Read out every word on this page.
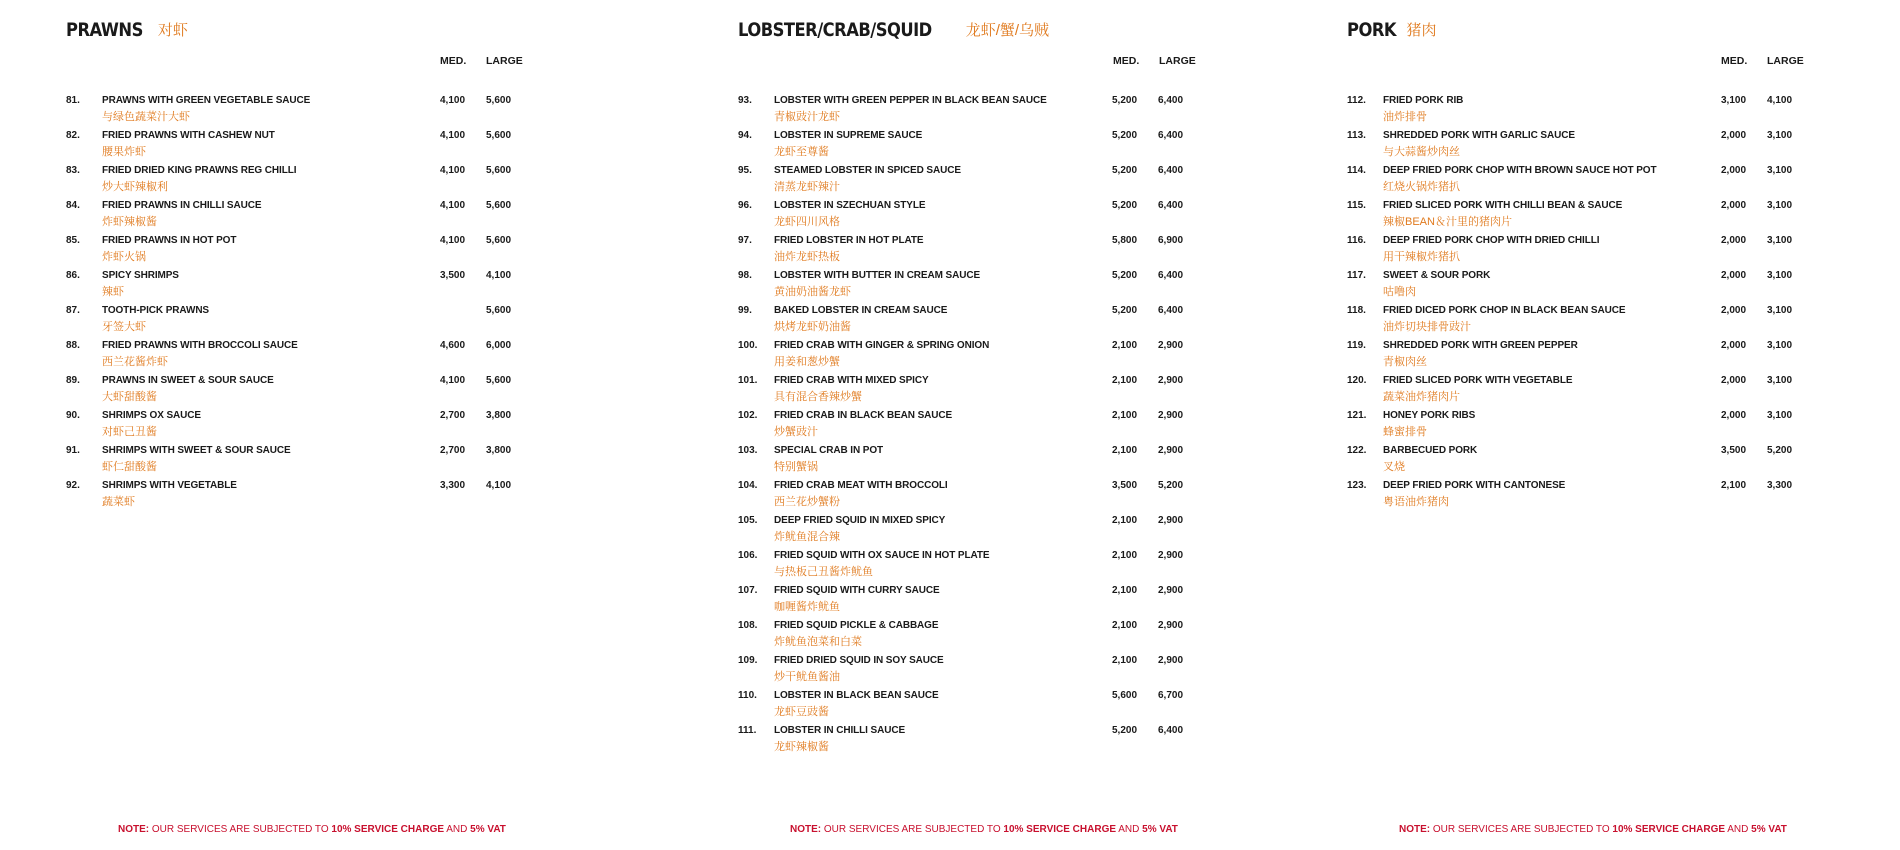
PRAWNS 对虾
MED. LARGE
81. PRAWNS WITH GREEN VEGETABLE SAUCE
与绿色蔬菜汁大虾
4,100 5,600
82. FRIED PRAWNS WITH CASHEW NUT
腰果炸虾
4,100 5,600
83. FRIED DRIED KING PRAWNS REG CHILLI
炒大虾辣椒利
4,100 5,600
84. FRIED PRAWNS IN CHILLI SAUCE
炸虾辣椒酱
4,100 5,600
85. FRIED PRAWNS IN HOT POT
炸虾火锅
4,100 5,600
86. SPICY SHRIMPS
辣虾
3,500 4,100
87. TOOTH-PICK PRAWNS
牙签大虾
5,600
88. FRIED PRAWNS WITH BROCCOLI SAUCE
西兰花酱炸虾
4,600 6,000
89. PRAWNS IN SWEET & SOUR SAUCE
大虾甜酸酱
4,100 5,600
90. SHRIMPS OX SAUCE
对虾己丑酱
2,700 3,800
91. SHRIMPS WITH SWEET & SOUR SAUCE
虾仁甜酸酱
2,700 3,800
92. SHRIMPS WITH VEGETABLE
蔬菜虾
3,300 4,100
NOTE: OUR SERVICES ARE SUBJECTED TO 10% SERVICE CHARGE AND 5% VAT
LOBSTER/CRAB/SQUID 龙虾/蟹/乌贼
MED. LARGE
93. LOBSTER WITH GREEN PEPPER IN BLACK BEAN SAUCE
青椒豉汁龙虾
5,200 6,400
94. LOBSTER IN SUPREME SAUCE
龙虾至尊酱
5,200 6,400
95. STEAMED LOBSTER IN SPICED SAUCE
清蒸龙虾辣汁
5,200 6,400
96. LOBSTER IN SZECHUAN STYLE
龙虾四川风格
5,200 6,400
97. FRIED LOBSTER IN HOT PLATE
油炸龙虾热板
5,800 6,900
98. LOBSTER WITH BUTTER IN CREAM SAUCE
黄油奶油酱龙虾
5,200 6,400
99. BAKED LOBSTER IN CREAM SAUCE
烘烤龙虾奶油酱
5,200 6,400
100. FRIED CRAB WITH GINGER & SPRING ONION
用姜和葱炒蟹
2,100 2,900
101. FRIED CRAB WITH MIXED SPICY
具有混合香辣炒蟹
2,100 2,900
102. FRIED CRAB IN BLACK BEAN SAUCE
炒蟹豉汁
2,100 2,900
103. SPECIAL CRAB IN POT
特别蟹锅
2,100 2,900
104. FRIED CRAB MEAT WITH BROCCOLI
西兰花炒蟹粉
3,500 5,200
105. DEEP FRIED SQUID IN MIXED SPICY
炸鱿鱼混合辣
2,100 2,900
106. FRIED SQUID WITH OX SAUCE IN HOT PLATE
与热板己丑酱炸鱿鱼
2,100 2,900
107. FRIED SQUID WITH CURRY SAUCE
咖喱酱炸鱿鱼
2,100 2,900
108. FRIED SQUID PICKLE & CABBAGE
炸鱿鱼泡菜和白菜
2,100 2,900
109. FRIED DRIED SQUID IN SOY SAUCE
炒干鱿鱼酱油
2,100 2,900
110. LOBSTER IN BLACK BEAN SAUCE
龙虾豆豉酱
5,600 6,700
111. LOBSTER IN CHILLI SAUCE
龙虾辣椒酱
5,200 6,400
NOTE: OUR SERVICES ARE SUBJECTED TO 10% SERVICE CHARGE AND 5% VAT
PORK 猪肉
MED. LARGE
112. FRIED PORK RIB
油炸排骨
3,100 4,100
113. SHREDDED PORK WITH GARLIC SAUCE
与大蒜酱炒肉丝
2,000 3,100
114. DEEP FRIED PORK CHOP WITH BROWN SAUCE HOT POT
红烧火锅炸猪扒
2,000 3,100
115. FRIED SLICED PORK WITH CHILLI BEAN & SAUCE
辣椒BEAN＆汁里的猪肉片
2,000 3,100
116. DEEP FRIED PORK CHOP WITH DRIED CHILLI
用干辣椒炸猪扒
2,000 3,100
117. SWEET & SOUR PORK
咕噜肉
2,000 3,100
118. FRIED DICED PORK CHOP IN BLACK BEAN SAUCE
油炸切块排骨豉汁
2,000 3,100
119. SHREDDED PORK WITH GREEN PEPPER
青椒肉丝
2,000 3,100
120. FRIED SLICED PORK WITH VEGETABLE
蔬菜油炸猪肉片
2,000 3,100
121. HONEY PORK RIBS
蜂蜜排骨
2,000 3,100
122. BARBECUED PORK
叉烧
3,500 5,200
123. DEEP FRIED PORK WITH CANTONESE
粤语油炸猪肉
2,100 3,300
NOTE: OUR SERVICES ARE SUBJECTED TO 10% SERVICE CHARGE AND 5% VAT
